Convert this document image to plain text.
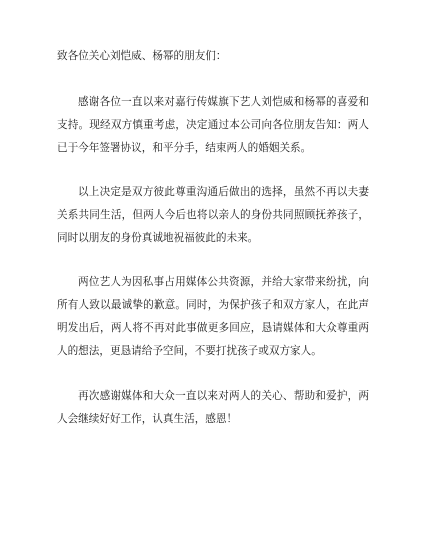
致各位关心刘恺威、杨幂的朋友们：
感谢各位一直以来对嘉行传媒旗下艺人刘恺威和杨幂的喜爱和支持。现经双方慎重考虑，决定通过本公司向各位朋友告知：两人已于今年签署协议，和平分手，结束两人的婚姻关系。
以上决定是双方彼此尊重沟通后做出的选择，虽然不再以夫妻关系共同生活，但两人今后也将以亲人的身份共同照顾抚养孩子，同时以朋友的身份真诚地祝福彼此的未来。
两位艺人为因私事占用媒体公共资源，并给大家带来纷扰，向所有人致以最诚挚的歉意。同时，为保护孩子和双方家人，在此声明发出后，两人将不再对此事做更多回应，恳请媒体和大众尊重两人的想法，更恳请给予空间，不要打扰孩子或双方家人。
再次感谢媒体和大众一直以来对两人的关心、帮助和爱护，两人会继续好好工作，认真生活，感恩！
